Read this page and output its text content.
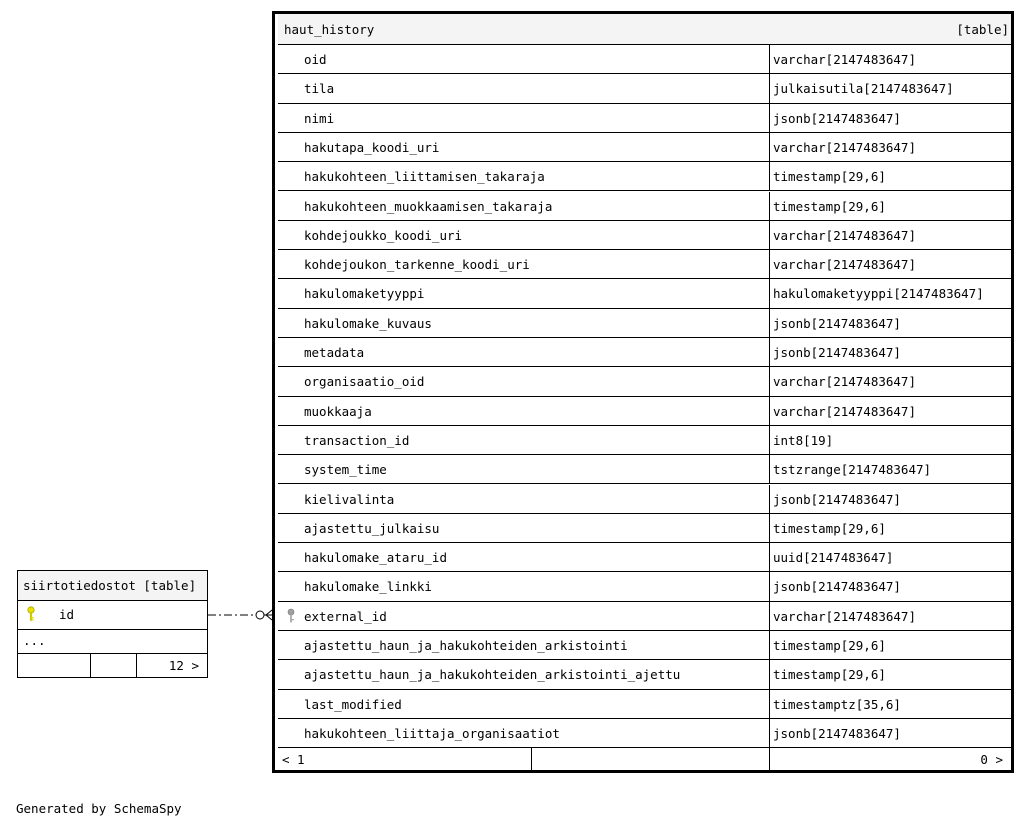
haut_history	[table]
oid	varchar[2147483647]
tila	julkaisutila[2147483647]
nimi	jsonb[2147483647]
hakutapa_koodi_uri	varchar[2147483647]
hakukohteen_liittamisen_takaraja	timestamp[29,6]
hakukohteen_muokkaamisen_takaraja	timestamp[29,6]
kohdejoukko_koodi_uri	varchar[2147483647]
kohdejoukon_tarkenne_koodi_uri	varchar[2147483647]
hakulomaketyyppi	hakulomaketyyppi[2147483647]
hakulomake_kuvaus	jsonb[2147483647]
metadata	jsonb[2147483647]
organisaatio_oid	varchar[2147483647]
muokkaaja	varchar[2147483647]
transaction_id	int8[19]
system_time	tstzrange[2147483647]
kielivalinta	jsonb[2147483647]
ajastettu_julkaisu	timestamp[29,6]
hakulomake_ataru_id	uuid[2147483647]
hakulomake_linkki	jsonb[2147483647]
external_id	varchar[2147483647]
ajastettu_haun_ja_hakukohteiden_arkistointi	timestamp[29,6]
ajastettu_haun_ja_hakukohteiden_arkistointi_ajettu	timestamp[29,6]
last_modified	timestamptz[35,6]
hakukohteen_liittaja_organisaatiot	jsonb[2147483647]
< 1	0 >
siirtotiedostot [table]
id
...
12 >
Generated by SchemaSpy
